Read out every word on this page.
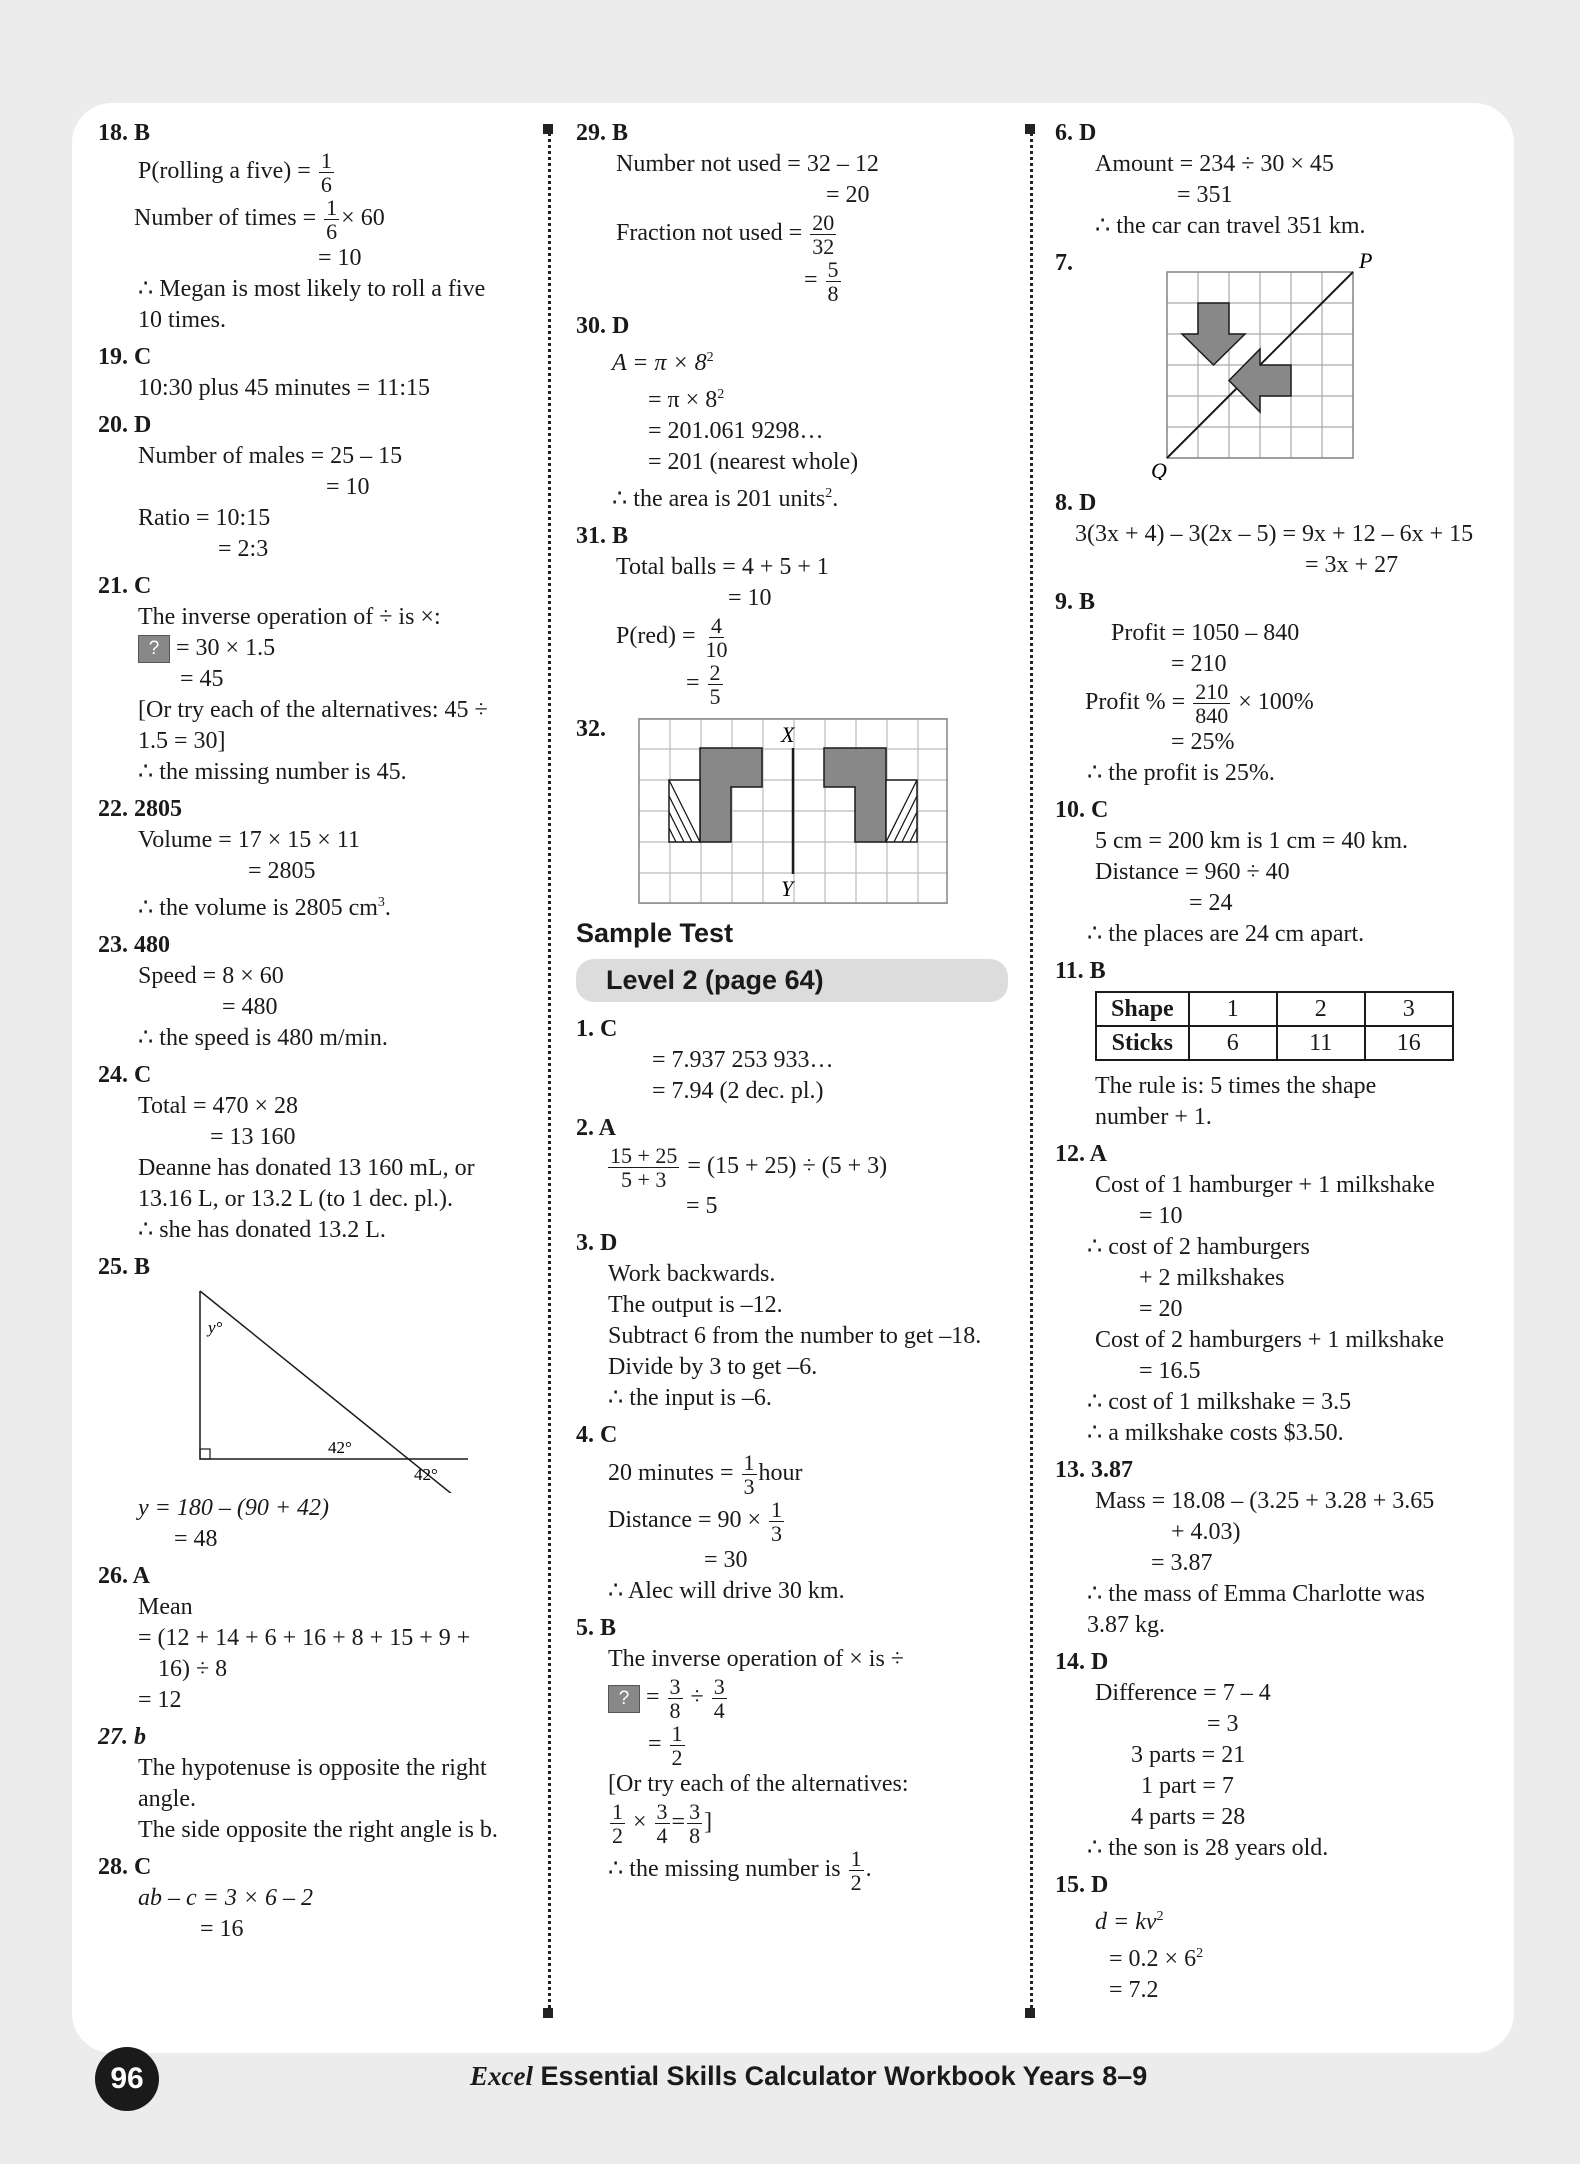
18. B
P(rolling a five) = $\frac{1}{6}$
Number of times = $\frac{1}{6} \times 60$
= 10
∴ Megan is most likely to roll a five
10 times.
19. C
10:30 plus 45 minutes = 11:15
20. D
Number of males = 25 – 15
= 10
Ratio = 10:15
= 2:3
21. C
The inverse operation of ÷ is ×:
? = 30 × 1.5
= 45
[Or try each of the alternatives: 45 ÷
1.5 = 30]
∴ the missing number is 45.
22. 2805
Volume = 17 × 15 × 11
= 2805
∴ the volume is 2805 $cm^3$.
23. 480
Speed = 8 × 60
= 480
∴ the speed is 480 m/min.
24. C
Total = 470 × 28
= 13 160
Deanne has donated 13 160 mL, or
13.16 L, or 13.2 L (to 1 dec. pl.).
∴ she has donated 13.2 L.
25. B
y°
42°
42°
y = 180 – (90 + 42)
= 48
26. A
Mean
= (12 + 14 + 6 + 16 + 8 + 15 + 9 +
16) ÷ 8
= 12
27. b
The hypotenuse is opposite the right
angle.
The side opposite the right angle is b.
28. C
ab – c = 3 × 6 – 2
= 16
29. B
Number not used = 32 – 12
= 20
Fraction not used = $\frac{20}{32}$
= $\frac{5}{8}$
30. D
$A = \pi \times 8^2$
= $\pi \times 8^2$
= 201.061 9298…
= 201 (nearest whole)
∴ the area is 201 units$^2$.
31. B
Total balls = 4 + 5 + 1
= 10
$P(red) = \frac{4}{10}$
= $\frac{2}{5}$
32.	X
Y
Sample Test
Level 2 (page 64)
1. C
= 7.937 253 933…
= 7.94 (2 dec. pl.)
2. A
$\frac{15 + 25}{5 + 3} = (15 + 25) \div (5 + 3)$
= 5
3. D
Work backwards.
The output is –12.
Subtract 6 from the number to get –18.
Divide by 3 to get –6.
∴ the input is –6.
4. C
20 minutes = $\frac{1}{3}$ hour
Distance = $90 \times \frac{1}{3}$
= 30
∴ Alec will drive 30 km.
5. B
The inverse operation of × is ÷
? = $\frac{3}{8} \div \frac{3}{4}$
= $\frac{1}{2}$
[Or try each of the alternatives:
$\frac{1}{2} \times \frac{3}{4} = \frac{3}{8}$ ]
∴ the missing number is $\frac{1}{2}$ .
6. D
Amount = 234 ÷ 30 × 45
= 351
∴ the car can travel 351 km.
7.	P
Q
8. D
3(3x + 4) – 3(2x – 5) = 9x + 12 – 6x + 15
= 3x + 27
9. B
Profit = 1050 – 840
= 210
Profit % = $\frac{210}{840} \times 100\%$
= 25%
∴ the profit is 25%.
10. C
5 cm = 200 km is 1 cm = 40 km.
Distance = 960 ÷ 40
= 24
∴ the places are 24 cm apart.
11. B
Shape	1	2	3
Sticks	6	11	16
The rule is: 5 times the shape
number + 1.
12. A
Cost of 1 hamburger + 1 milkshake
= 10
∴ cost of 2 hamburgers
+ 2 milkshakes
= 20
Cost of 2 hamburgers + 1 milkshake
= 16.5
∴ cost of 1 milkshake = 3.5
∴ a milkshake costs $3.50.
13. 3.87
Mass = 18.08 – (3.25 + 3.28 + 3.65
+ 4.03)
= 3.87
∴ the mass of Emma Charlotte was
3.87 kg.
14. D
Difference = 7 – 4
= 3
3 parts = 21
1 part = 7
4 parts = 28
∴ the son is 28 years old.
15. D
$d = kv^2$
= $0.2 \times 6^2$
= 7.2
96	Excel Essential Skills Calculator Workbook Years 8–9
